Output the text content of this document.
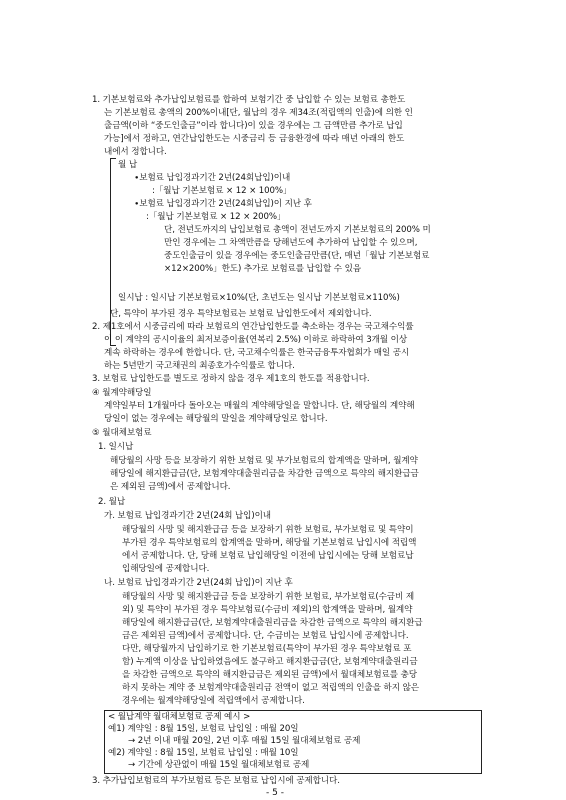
1. 기본보험료와 추가납입보험료를 합하여 보험기간 중 납입할 수 있는 보험료 총한도
는 기본보험료 총액의 200%이내[단, 월납의 경우 제34조(적립액의 인출)에 의한 인
출금액(이하 “중도인출금”이라 합니다)이 있을 경우에는 그 금액만큼 추가로 납입
가능]에서 정하고, 연간납입한도는 시중금리 등 금융환경에 따라 매년 아래의 한도
내에서 정합니다.
월 납
∙보험료 납입경과기간 2년(24회납입)이내
:「월납 기본보험료 × 12 × 100%」
∙보험료 납입경과기간 2년(24회납입)이 지난 후
:「월납 기본보험료 × 12 × 200%」
단, 전년도까지의 납입보험료 총액이 전년도까지 기본보험료의 200% 미
만인 경우에는 그 차액만큼을 당해년도에 추가하여 납입할 수 있으며,
중도인출금이 있을 경우에는 중도인출금만큼(단, 매년「월납 기본보험료
×12×200%」한도) 추가로 보험료를 납입할 수 있음
일시납 : 일시납 기본보험료×10%(단, 초년도는 일시납 기본보험료×110%)
단, 특약이 부가된 경우 특약보험료는 보험료 납입한도에서 제외합니다.
2. 제1호에서 시중금리에 따라 보험료의 연간납입한도를 축소하는 경우는 국고채수익률
이 이 계약의 공시이율의 최저보증이율(연복리 2.5%) 이하로 하락하여 3개월 이상
계속 하락하는 경우에 한합니다. 단, 국고채수익률은 한국금융투자협회가 매일 공시
하는 5년만기 국고채권의 최종호가수익률로 합니다.
3. 보험료 납입한도를 별도로 정하지 않을 경우 제1호의 한도를 적용합니다.
④ 월계약해당일
계약일부터 1개월마다 돌아오는 매월의 계약해당일을 말합니다. 단, 해당월의 계약해
당일이 없는 경우에는 해당월의 말일을 계약해당일로 합니다.
⑤ 월대체보험료
1. 일시납
해당월의 사망 등을 보장하기 위한 보험료 및 부가보험료의 합계액을 말하며, 월계약
해당일에 해지환급금(단, 보험계약대출원리금을 차감한 금액으로 특약의 해지환급금
은 제외된 금액)에서 공제합니다.
2. 월납
가. 보험료 납입경과기간 2년(24회 납입)이내
해당월의 사망 및 해지환급금 등을 보장하기 위한 보험료, 부가보험료 및 특약이
부가된 경우 특약보험료의 합계액을 말하며, 해당월 기본보험료 납입시에 적립액
에서 공제합니다. 단, 당해 보험료 납입해당일 이전에 납입시에는 당해 보험료납
입해당일에 공제합니다.
나. 보험료 납입경과기간 2년(24회 납입)이 지난 후
해당월의 사망 및 해지환급금 등을 보장하기 위한 보험료, 부가보험료(수금비 제
외) 및 특약이 부가된 경우 특약보험료(수금비 제외)의 합계액을 말하며, 월계약
해당일에 해지환급금(단, 보험계약대출원리금을 차감한 금액으로 특약의 해지환급
금은 제외된 금액)에서 공제합니다. 단, 수금비는 보험료 납입시에 공제합니다.
다만, 해당월까지 납입하기로 한 기본보험료(특약이 부가된 경우 특약보험료 포
함) 누계액 이상을 납입하였음에도 불구하고 해지환급금(단, 보험계약대출원리금
을 차감한 금액으로 특약의 해지환급금은 제외된 금액)에서 월대체보험료를 충당
하지 못하는 계약 중 보험계약대출원리금 전액이 없고 적립액의 인출을 하지 않은
경우에는 월계약해당일에 적립액에서 공제합니다.
< 월납계약 월대체보험료 공제 예시 >
예1) 계약일 : 8월 15일, 보험료 납입일 : 매월 20일
→ 2년 이내 매월 20일, 2년 이후 매월 15일 월대체보험료 공제
예2) 계약일 : 8월 15일, 보험료 납입일 : 매월 10일
→ 기간에 상관없이 매월 15일 월대체보험료 공제
3. 추가납입보험료의 부가보험료 등은 보험료 납입시에 공제합니다.
- 5 -
